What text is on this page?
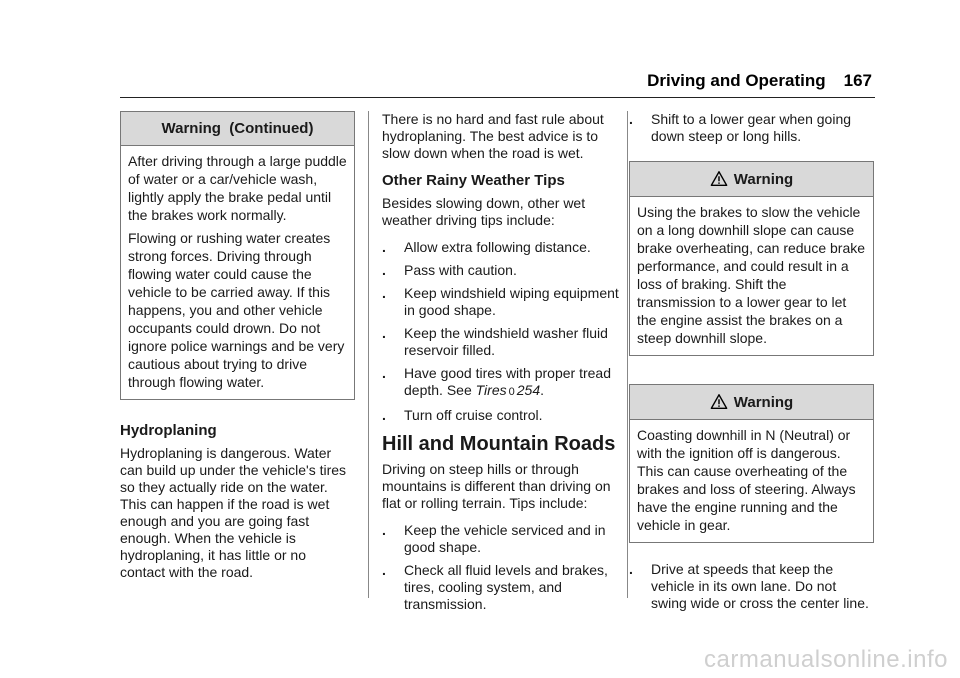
Driving and Operating 167
Warning  (Continued)

After driving through a large puddle of water or a car/vehicle wash, lightly apply the brake pedal until the brakes work normally.

Flowing or rushing water creates strong forces. Driving through flowing water could cause the vehicle to be carried away. If this happens, you and other vehicle occupants could drown. Do not ignore police warnings and be very cautious about trying to drive through flowing water.

Hydroplaning

Hydroplaning is dangerous. Water can build up under the vehicle's tires so they actually ride on the water. This can happen if the road is wet enough and you are going fast enough. When the vehicle is hydroplaning, it has little or no contact with the road.

There is no hard and fast rule about hydroplaning. The best advice is to slow down when the road is wet.

Other Rainy Weather Tips

Besides slowing down, other wet weather driving tips include:

.	Allow extra following distance.
.	Pass with caution.
.	Keep windshield wiping equipment in good shape.
.	Keep the windshield washer fluid reservoir filled.
.	Have good tires with proper tread depth. See Tires 0 254.
.	Turn off cruise control.
Hill and Mountain Roads

Driving on steep hills or through mountains is different than driving on flat or rolling terrain. Tips include:

.	Keep the vehicle serviced and in good shape.
.	Check all fluid levels and brakes, tires, cooling system, and transmission.
.	Shift to a lower gear when going down steep or long hills.
Warning

Using the brakes to slow the vehicle on a long downhill slope can cause brake overheating, can reduce brake performance, and could result in a loss of braking. Shift the transmission to a lower gear to let the engine assist the brakes on a steep downhill slope.

Warning

Coasting downhill in N (Neutral) or with the ignition off is dangerous. This can cause overheating of the brakes and loss of steering. Always have the engine running and the vehicle in gear.

.	Drive at speeds that keep the vehicle in its own lane. Do not swing wide or cross the center line.
carmanualsonline.info
